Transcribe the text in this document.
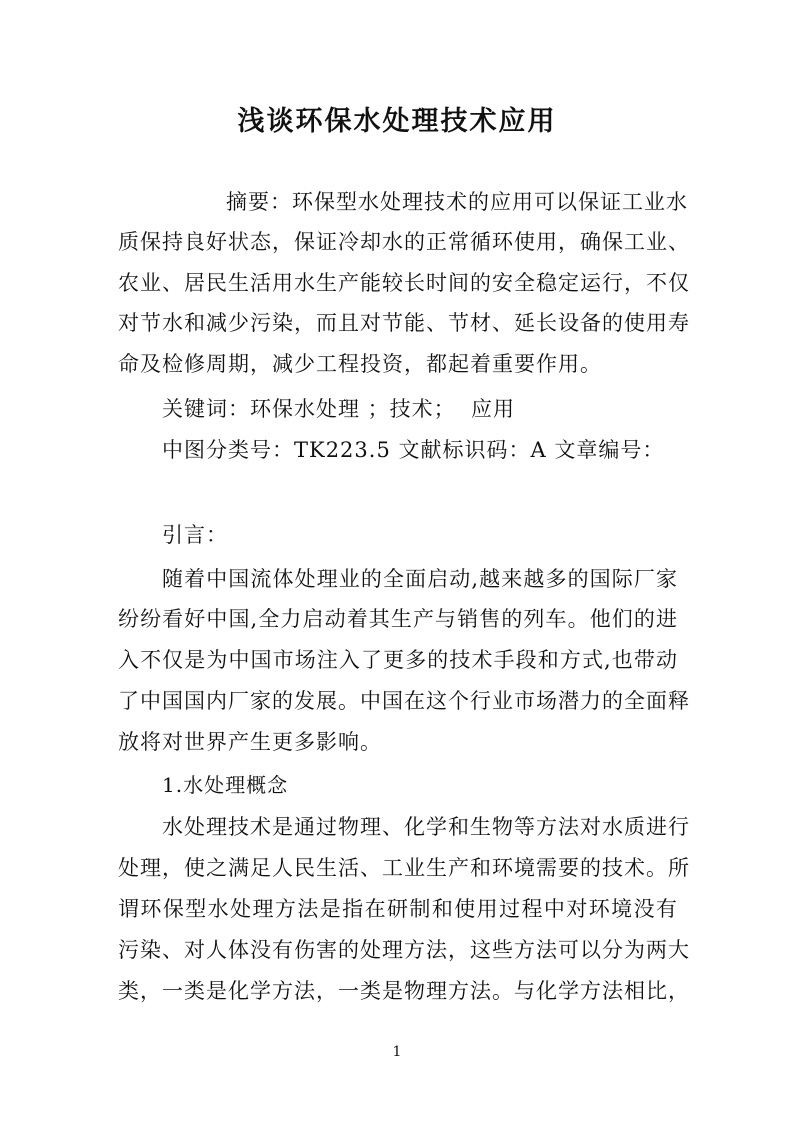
浅谈环保水处理技术应用
摘要：环保型水处理技术的应用可以保证工业水
质保持良好状态，保证冷却水的正常循环使用，确保工业、
农业、居民生活用水生产能较长时间的安全稳定运行，不仅
对节水和减少污染，而且对节能、节材、延长设备的使用寿
命及检修周期，减少工程投资，都起着重要作用。
关键词：环保水处理 ；技术；  应用
中图分类号：TK223.5 文献标识码：A 文章编号：
引言：
随着中国流体处理业的全面启动,越来越多的国际厂家
纷纷看好中国,全力启动着其生产与销售的列车。他们的进
入不仅是为中国市场注入了更多的技术手段和方式,也带动
了中国国内厂家的发展。中国在这个行业市场潜力的全面释
放将对世界产生更多影响。
1.水处理概念
水处理技术是通过物理、化学和生物等方法对水质进行
处理，使之满足人民生活、工业生产和环境需要的技术。所
谓环保型水处理方法是指在研制和使用过程中对环境没有
污染、对人体没有伤害的处理方法，这些方法可以分为两大
类，一类是化学方法，一类是物理方法。与化学方法相比，
1
